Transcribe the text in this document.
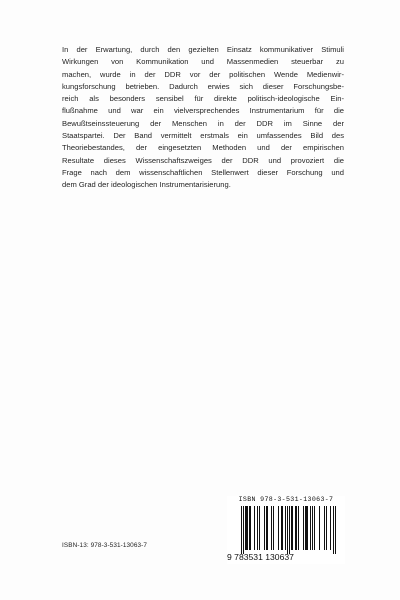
In der Erwartung, durch den gezielten Einsatz kommunikativer Stimuli
Wirkungen von Kommunikation und Massenmedien steuerbar zu
machen, wurde in der DDR vor der politischen Wende Medienwir-
kungsforschung betrieben. Dadurch erwies sich dieser Forschungsbe-
reich als besonders sensibel für direkte politisch-ideologische Ein-
flußnahme und war ein vielversprechendes Instrumentarium für die
Bewußtseinssteuerung der Menschen in der DDR im Sinne der
Staatspartei. Der Band vermittelt erstmals ein umfassendes Bild des
Theoriebestandes, der eingesetzten Methoden und der empirischen
Resultate dieses Wissenschaftszweiges der DDR und provoziert die
Frage nach dem wissenschaftlichen Stellenwert dieser Forschung und
dem Grad der ideologischen Instrumentarisierung.
ISBN-13: 978-3-531-13063-7
ISBN 978-3-531-13063-7
9 783531 130637
